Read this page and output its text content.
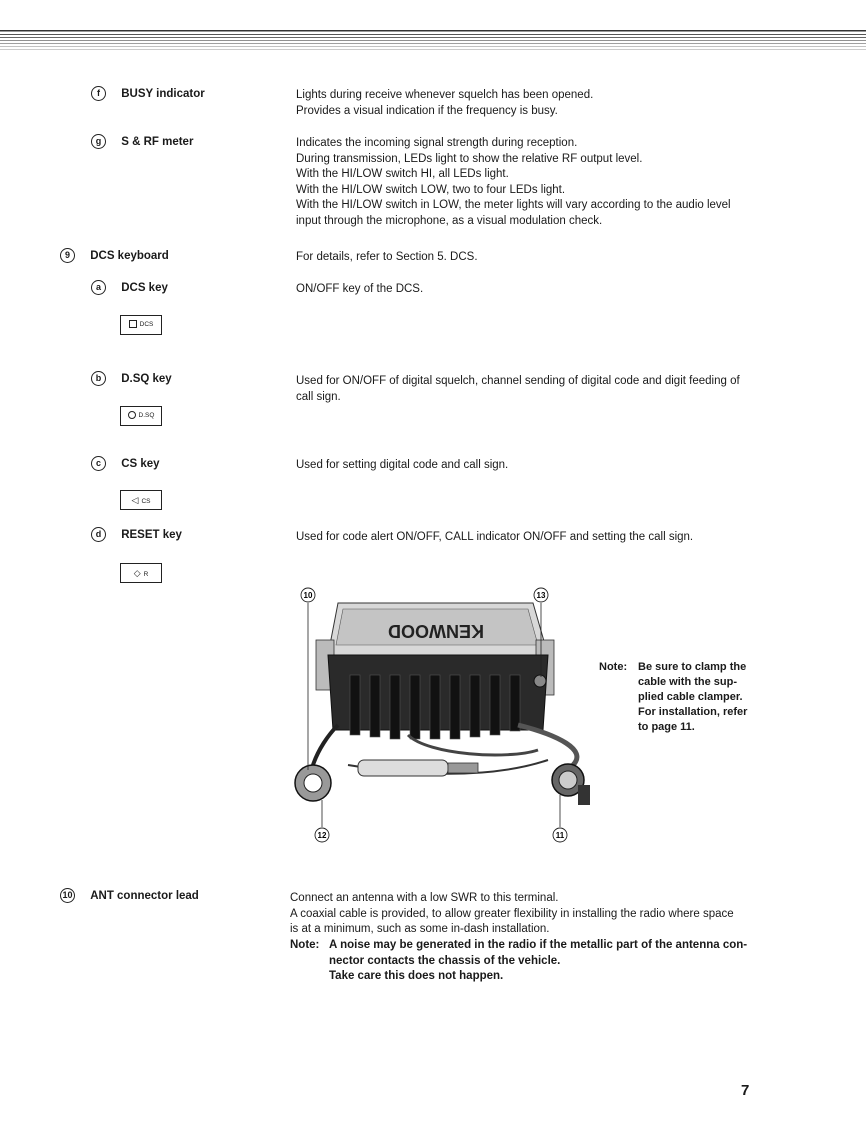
f BUSY indicator	Lights during receive whenever squelch has been opened.
Provides a visual indication if the frequency is busy.
g S & RF meter	Indicates the incoming signal strength during reception.
During transmission, LEDs light to show the relative RF output level.
With the HI/LOW switch HI, all LEDs light.
With the HI/LOW switch LOW, two to four LEDs light.
With the HI/LOW switch in LOW, the meter lights will vary according to the audio level
input through the microphone, as a visual modulation check.
9 DCS keyboard	For details, refer to Section 5. DCS.
a DCS key	ON/OFF key of the DCS.
DCS
b D.SQ key	Used for ON/OFF of digital squelch, channel sending of digital code and digit feeding of
call sign.
D.SQ
c CS key	Used for setting digital code and call sign.
◁ CS
d RESET key	Used for code alert ON/OFF, CALL indicator ON/OFF and setting the call sign.
◇ R
KENWOOD
10	13
12	11
Note: Be sure to clamp the
cable with the sup-
plied cable clamper.
For installation, refer
to page 11.
10 ANT connector lead	Connect an antenna with a low SWR to this terminal.
A coaxial cable is provided, to allow greater flexibility in installing the radio where space
is at a minimum, such as some in-dash installation.
Note: A noise may be generated in the radio if the metallic part of the antenna con-
nector contacts the chassis of the vehicle.
Take care this does not happen.
7
